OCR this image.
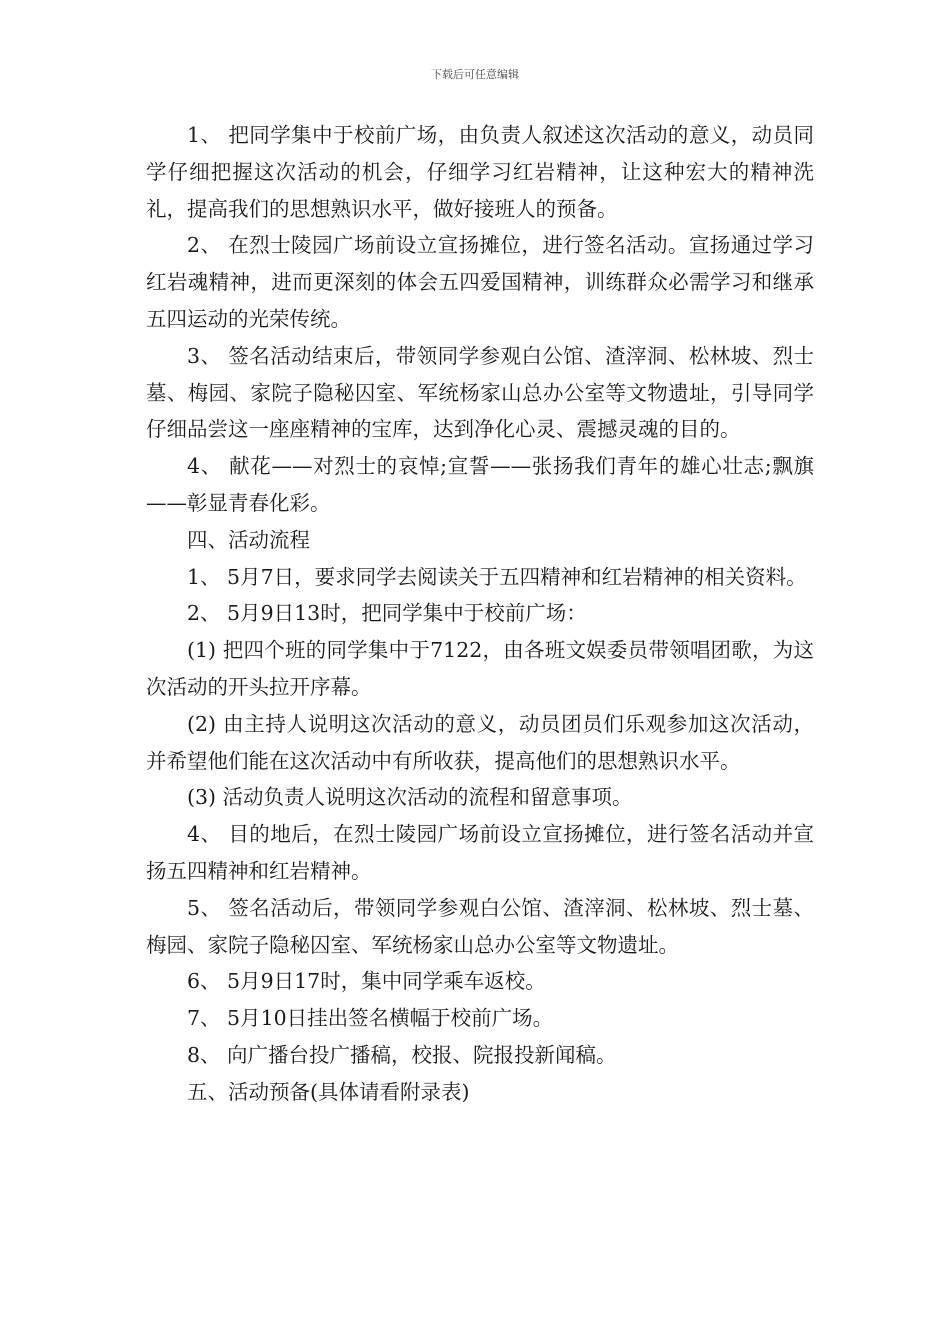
下载后可任意编辑

1、 把同学集中于校前广场，由负责人叙述这次活动的意义，动员同学仔细把握这次活动的机会，仔细学习红岩精神，让这种宏大的精神洗礼，提高我们的思想熟识水平，做好接班人的预备。

2、 在烈士陵园广场前设立宣扬摊位，进行签名活动。宣扬通过学习红岩魂精神，进而更深刻的体会五四爱国精神，训练群众必需学习和继承五四运动的光荣传统。

3、 签名活动结束后，带领同学参观白公馆、渣滓洞、松林坡、烈士墓、梅园、家院子隐秘囚室、军统杨家山总办公室等文物遗址，引导同学仔细品尝这一座座精神的宝库，达到净化心灵、震撼灵魂的目的。

4、 献花——对烈士的哀悼;宣誓——张扬我们青年的雄心壮志;飘旗——彰显青春化彩。

四、活动流程

1、 5月7日，要求同学去阅读关于五四精神和红岩精神的相关资料。

2、 5月9日13时，把同学集中于校前广场：

(1) 把四个班的同学集中于7122，由各班文娱委员带领唱团歌，为这次活动的开头拉开序幕。

(2) 由主持人说明这次活动的意义，动员团员们乐观参加这次活动，并希望他们能在这次活动中有所收获，提高他们的思想熟识水平。

(3) 活动负责人说明这次活动的流程和留意事项。

4、 目的地后，在烈士陵园广场前设立宣扬摊位，进行签名活动并宣扬五四精神和红岩精神。

5、 签名活动后，带领同学参观白公馆、渣滓洞、松林坡、烈士墓、梅园、家院子隐秘囚室、军统杨家山总办公室等文物遗址。

6、 5月9日17时，集中同学乘车返校。

7、 5月10日挂出签名横幅于校前广场。

8、 向广播台投广播稿，校报、院报投新闻稿。

五、活动预备(具体请看附录表)
